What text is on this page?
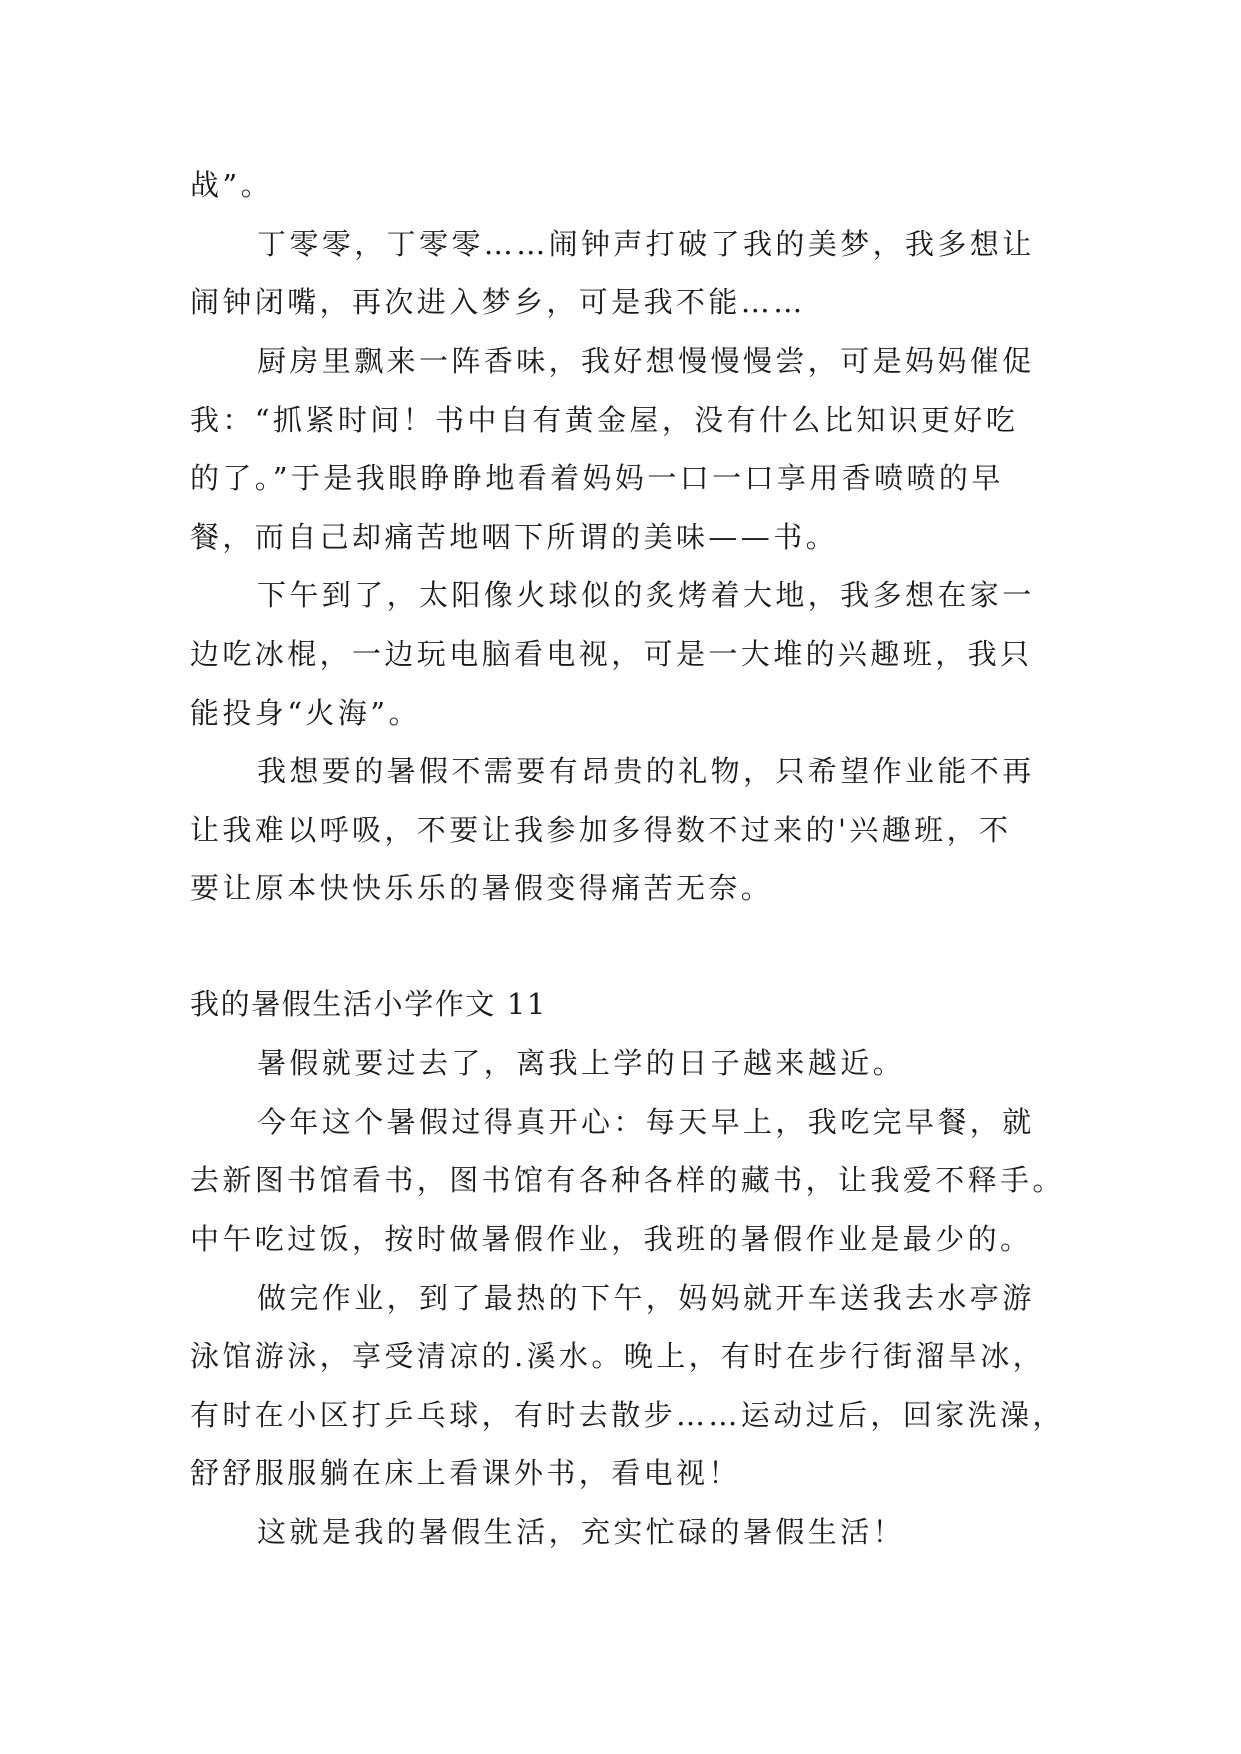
战”。
丁零零，丁零零……闹钟声打破了我的美梦，我多想让
闹钟闭嘴，再次进入梦乡，可是我不能……
厨房里飘来一阵香味，我好想慢慢慢尝，可是妈妈催促
我：“抓紧时间！书中自有黄金屋，没有什么比知识更好吃
的了。”于是我眼睁睁地看着妈妈一口一口享用香喷喷的早
餐，而自己却痛苦地咽下所谓的美味——书。
下午到了，太阳像火球似的炙烤着大地，我多想在家一
边吃冰棍，一边玩电脑看电视，可是一大堆的兴趣班，我只
能投身“火海”。
我想要的暑假不需要有昂贵的礼物，只希望作业能不再
让我难以呼吸，不要让我参加多得数不过来的'兴趣班，不
要让原本快快乐乐的暑假变得痛苦无奈。
我的暑假生活小学作文 11
暑假就要过去了，离我上学的日子越来越近。
今年这个暑假过得真开心：每天早上，我吃完早餐，就
去新图书馆看书，图书馆有各种各样的藏书，让我爱不释手。
中午吃过饭，按时做暑假作业，我班的暑假作业是最少的。
做完作业，到了最热的下午，妈妈就开车送我去水亭游
泳馆游泳，享受清凉的.溪水。晚上，有时在步行街溜旱冰，
有时在小区打乒乓球，有时去散步……运动过后，回家洗澡，
舒舒服服躺在床上看课外书，看电视！
这就是我的暑假生活，充实忙碌的暑假生活！
